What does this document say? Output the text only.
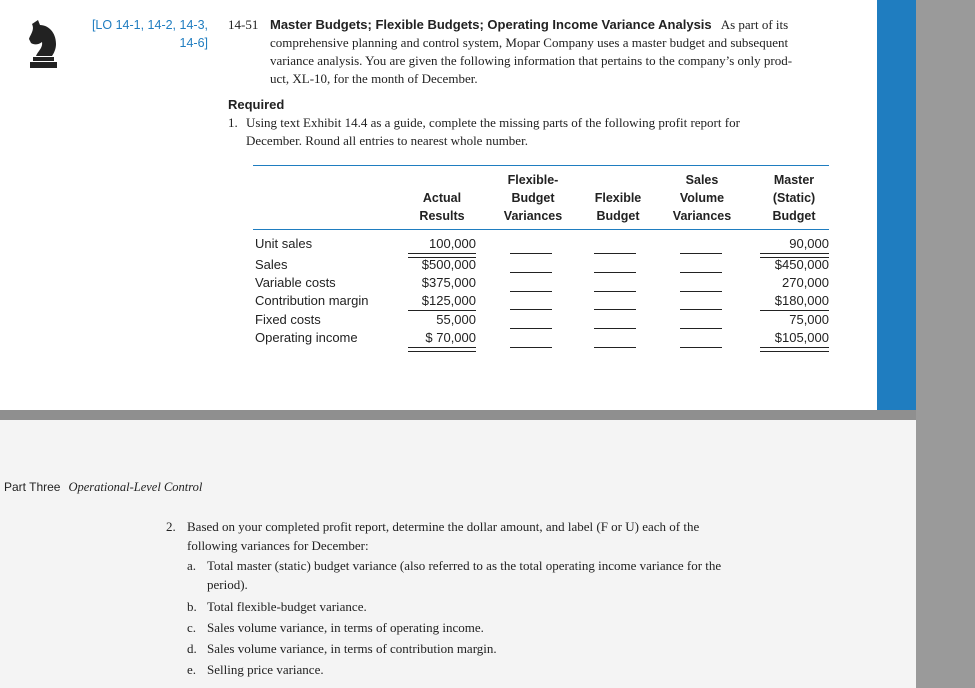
[LO 14-1, 14-2, 14-3,
14-6]
14-51 Master Budgets; Flexible Budgets; Operating Income Variance Analysis As part of its
comprehensive planning and control system, Mopar Company uses a master budget and subsequent
variance analysis. You are given the following information that pertains to the company’s only prod-
uct, XL-10, for the month of December.
Required
1. Using text Exhibit 14.4 as a guide, complete the missing parts of the following profit report for
December. Round all entries to nearest whole number.
Actual
Results
Flexible-
Budget
Variances
Flexible
Budget
Sales
Volume
Variances
Master
(Static)
Budget
Unit sales
Sales
Variable costs
Contribution margin
Fixed costs
Operating income
100,000
$500,000
$375,000
$125,000
55,000
$ 70,000
90,000
$450,000
270,000
$180,000
75,000
$105,000
Part Three Operational-Level Control
2. Based on your completed profit report, determine the dollar amount, and label (F or U) each of the
following variances for December:
a. Total master (static) budget variance (also referred to as the total operating income variance for the
period).
b. Total flexible-budget variance.
c. Sales volume variance, in terms of operating income.
d. Sales volume variance, in terms of contribution margin.
e. Selling price variance.
